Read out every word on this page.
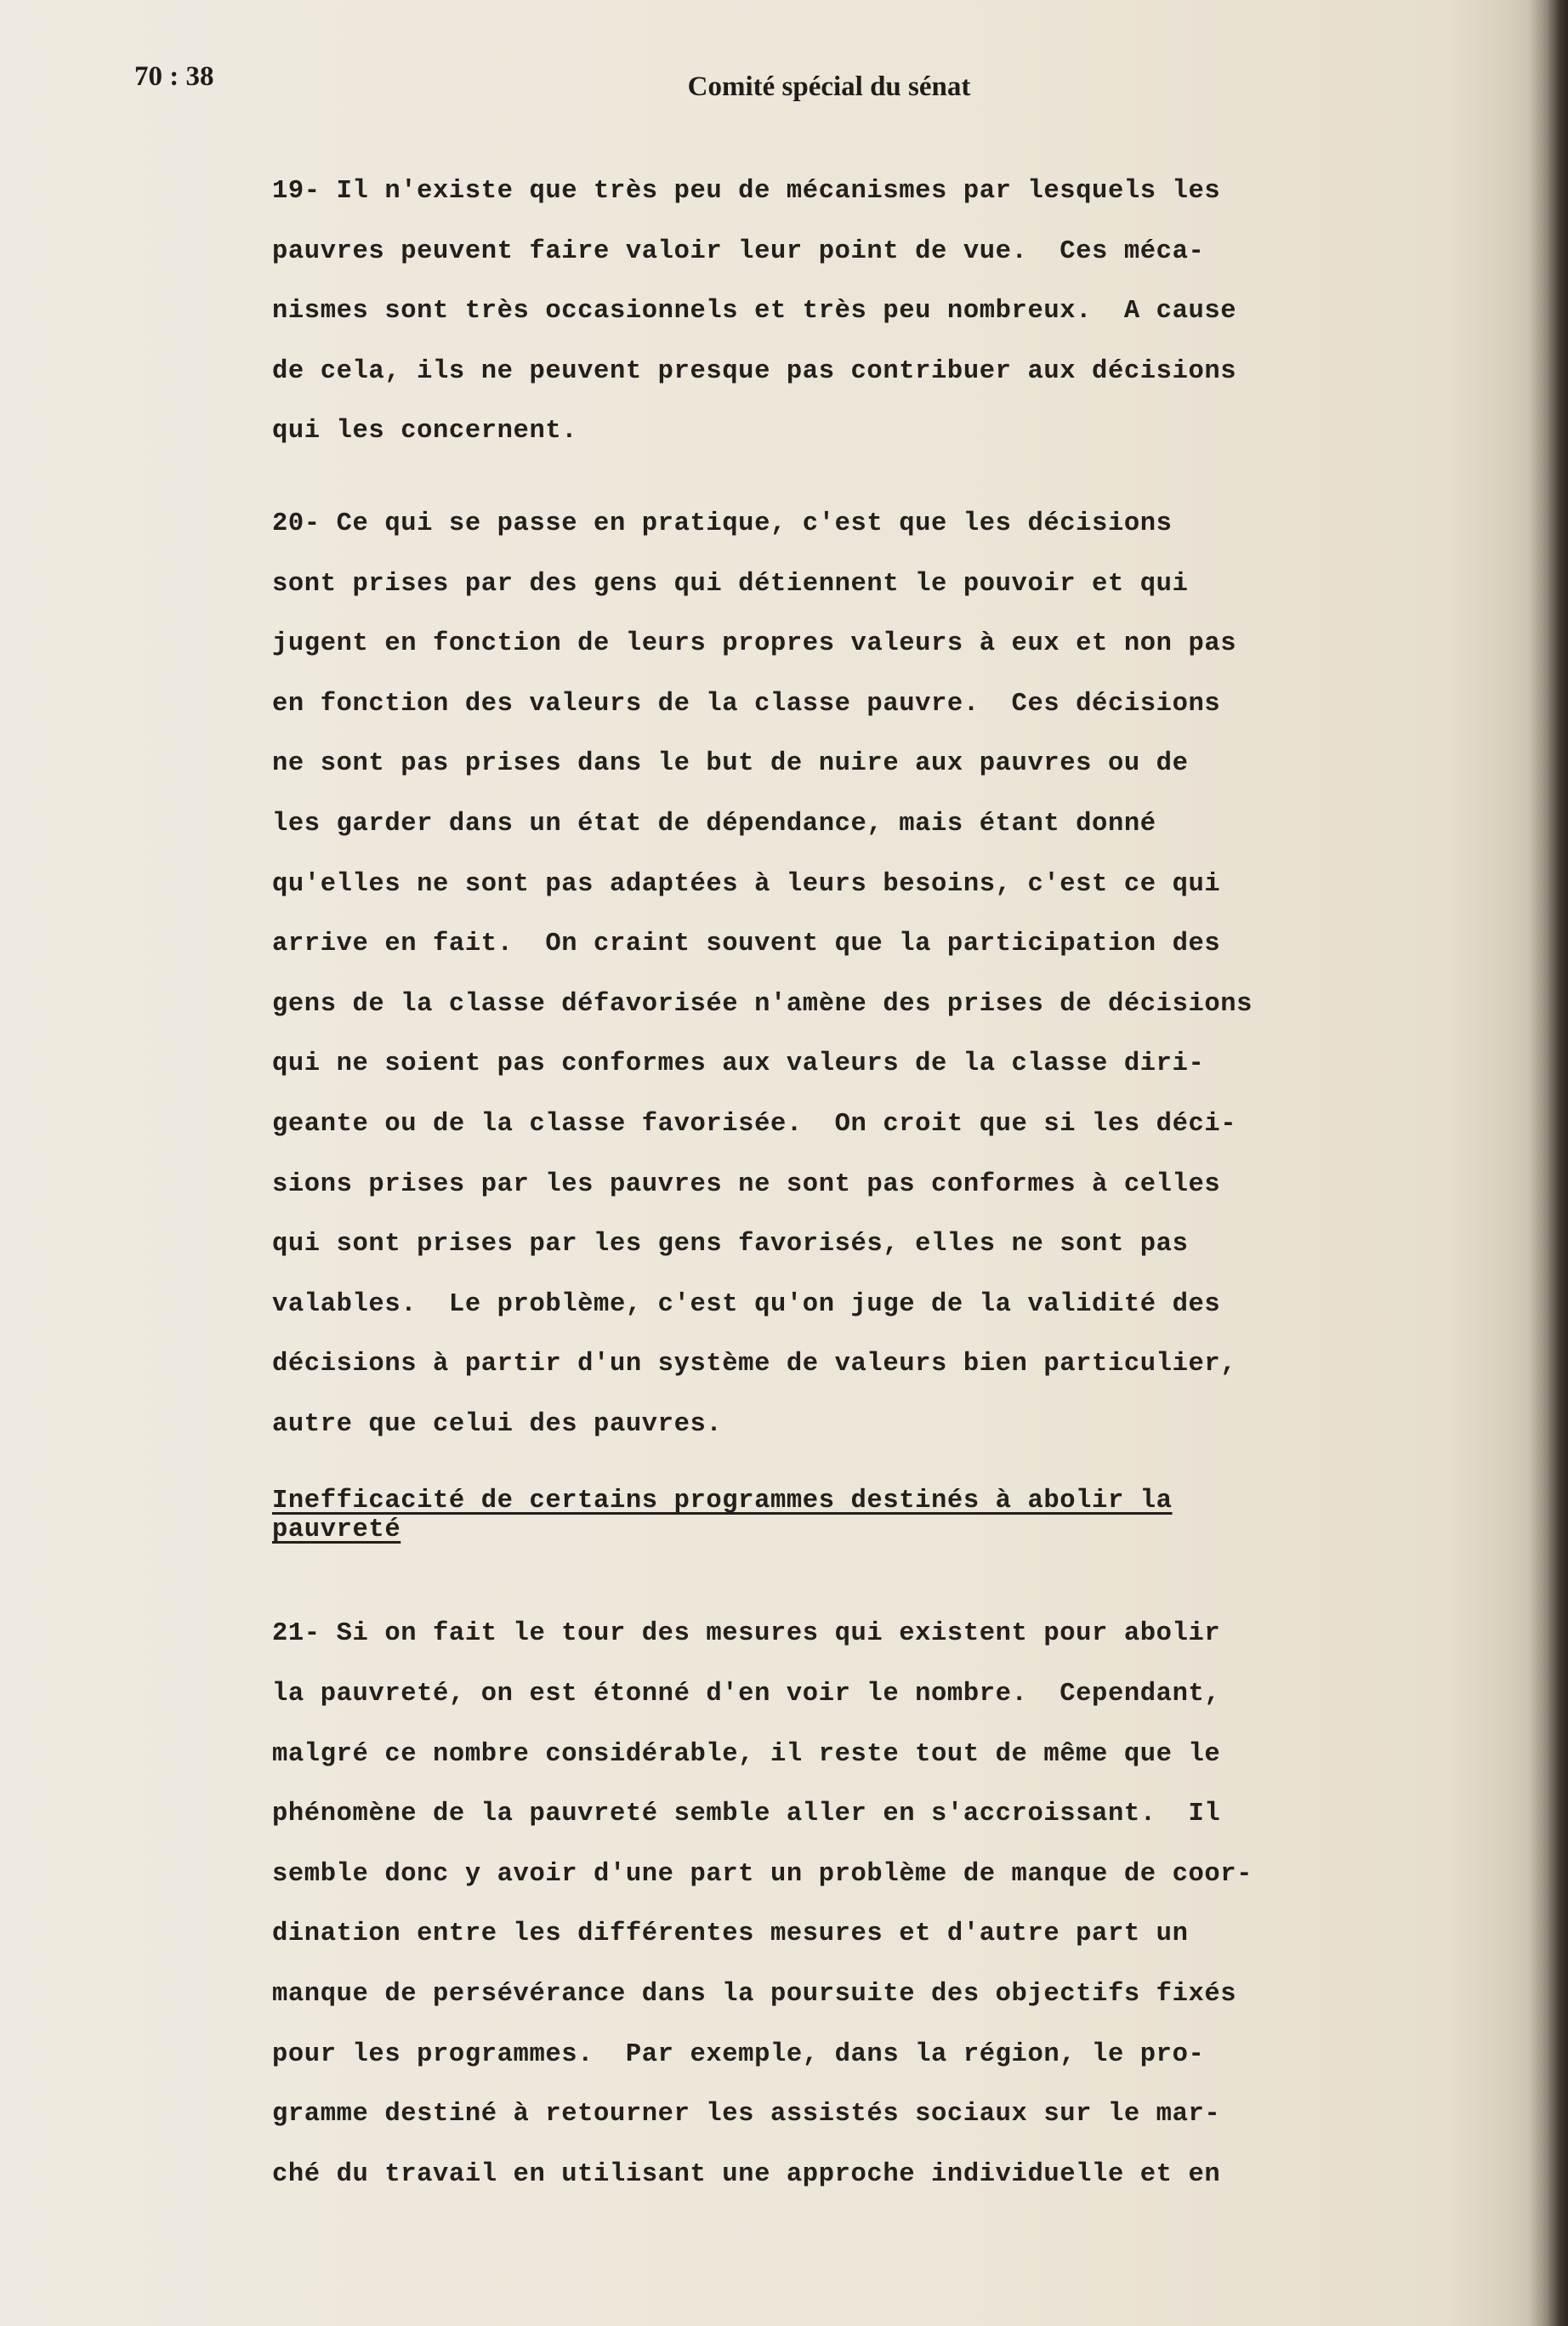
70 : 38	Comité spécial du sénat
19- Il n'existe que très peu de mécanismes par lesquels les
pauvres peuvent faire valoir leur point de vue.  Ces méca-
nismes sont très occasionnels et très peu nombreux.  A cause
de cela, ils ne peuvent presque pas contribuer aux décisions
qui les concernent.
20- Ce qui se passe en pratique, c'est que les décisions
sont prises par des gens qui détiennent le pouvoir et qui
jugent en fonction de leurs propres valeurs à eux et non pas
en fonction des valeurs de la classe pauvre.  Ces décisions
ne sont pas prises dans le but de nuire aux pauvres ou de
les garder dans un état de dépendance, mais étant donné
qu'elles ne sont pas adaptées à leurs besoins, c'est ce qui
arrive en fait.  On craint souvent que la participation des
gens de la classe défavorisée n'amène des prises de décisions
qui ne soient pas conformes aux valeurs de la classe diri-
geante ou de la classe favorisée.  On croit que si les déci-
sions prises par les pauvres ne sont pas conformes à celles
qui sont prises par les gens favorisés, elles ne sont pas
valables.  Le problème, c'est qu'on juge de la validité des
décisions à partir d'un système de valeurs bien particulier,
autre que celui des pauvres.
Inefficacité de certains programmes destinés à abolir la
pauvreté
21- Si on fait le tour des mesures qui existent pour abolir
la pauvreté, on est étonné d'en voir le nombre.  Cependant,
malgré ce nombre considérable, il reste tout de même que le
phénomène de la pauvreté semble aller en s'accroissant.  Il
semble donc y avoir d'une part un problème de manque de coor-
dination entre les différentes mesures et d'autre part un
manque de persévérance dans la poursuite des objectifs fixés
pour les programmes.  Par exemple, dans la région, le pro-
gramme destiné à retourner les assistés sociaux sur le mar-
ché du travail en utilisant une approche individuelle et en
